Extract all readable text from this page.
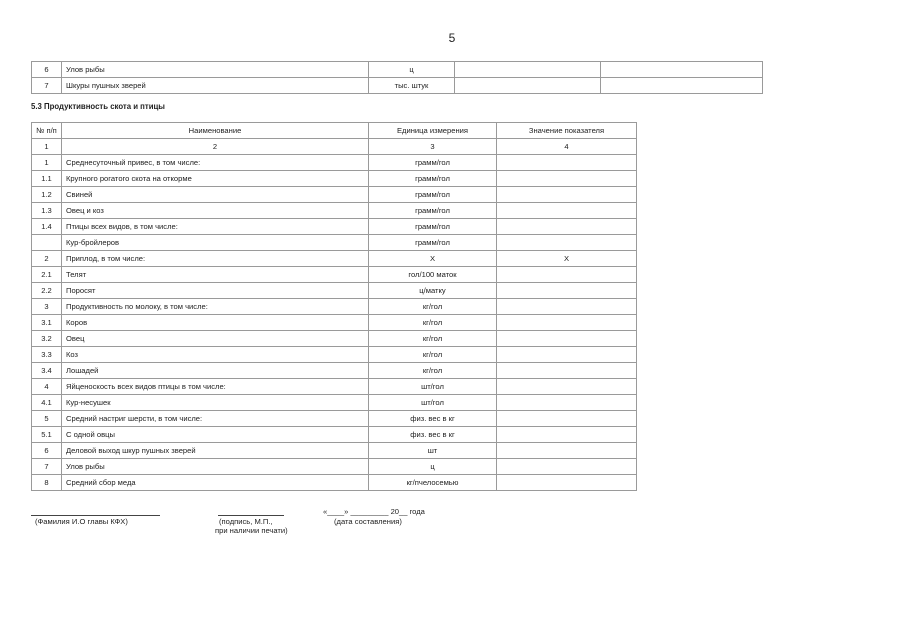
5
6	Улов рыбы	ц		
7	Шкуры пушных зверей	тыс. штук		
5.3 Продуктивность скота и птицы
№ п/п	Наименование	Единица измерения	Значение показателя
1	2	3	4
1	Среднесуточный привес, в том числе:	грамм/гол	
1.1	Крупного рогатого скота на откорме	грамм/гол	
1.2	Свиней	грамм/гол	
1.3	Овец и коз	грамм/гол	
1.4	Птицы всех видов, в том числе:	грамм/гол	
	Кур-бройлеров	грамм/гол	
2	Приплод, в том числе:	Х	Х
2.1	Телят	гол/100 маток	
2.2	Поросят	ц/матку	
3	Продуктивность по молоку, в том числе:	кг/гол	
3.1	Коров	кг/гол	
3.2	Овец	кг/гол	
3.3	Коз	кг/гол	
3.4	Лошадей	кг/гол	
4	Яйценоскость всех видов птицы в том числе:	шт/гол	
4.1	Кур-несушек	шт/гол	
5	Средний настриг шерсти, в том числе:	физ. вес в кг	
5.1	С одной овцы	физ. вес в кг	
6	Деловой выход шкур пушных зверей	шт	
7	Улов рыбы	ц	
8	Средний сбор меда	кг/пчелосемью	
(Фамилия И.О главы КФХ)	(подпись, М.П.,
при наличии печати)
«____» _________ 20__ года
(дата составления)
